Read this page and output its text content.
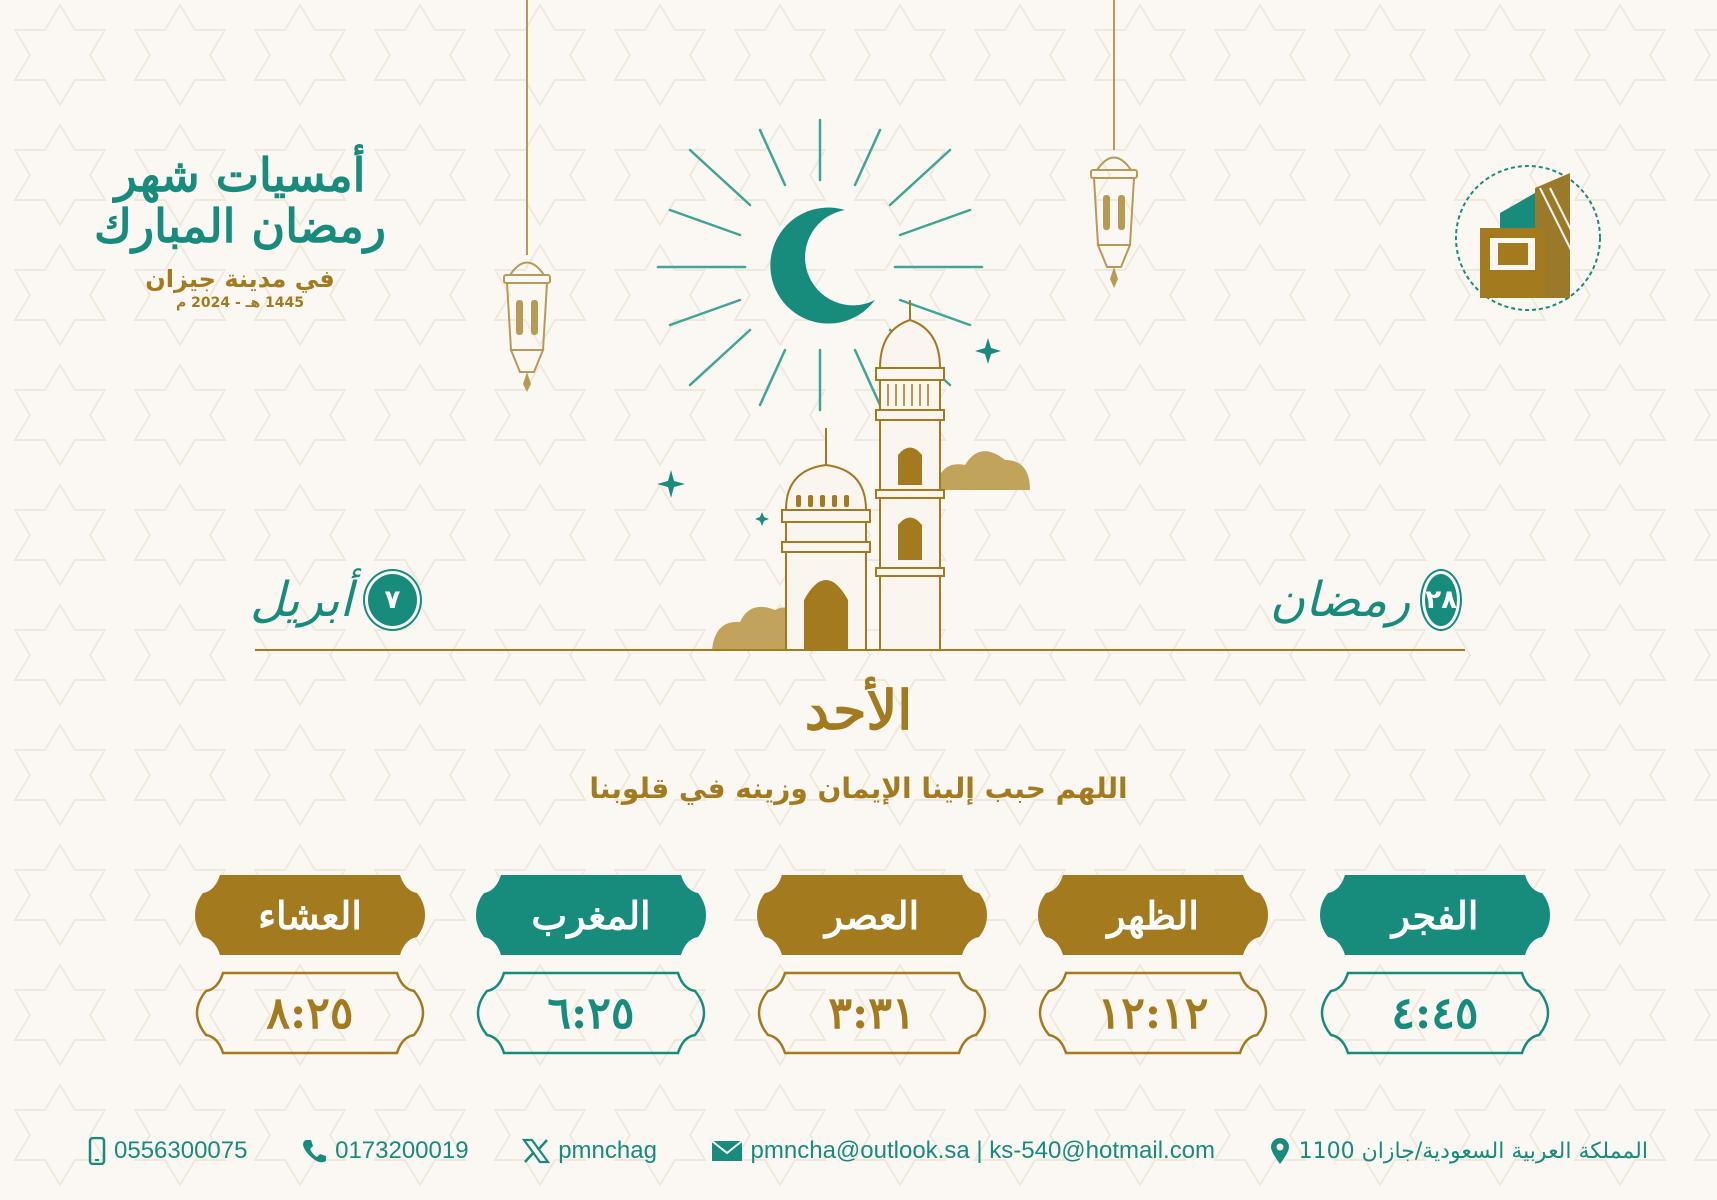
أمسيات شهر رمضان المبارك
في مدينة جيزان
1445 هـ - 2024 م
٢٨
رمضان
٧
أبريل
الأحد
اللهم حبب إلينا الإيمان وزينه في قلوبنا
الفجر
٤:٤٥
الظهر
١٢:١٢
العصر
٣:٣١
المغرب
٦:٢٥
العشاء
٨:٢٥
0556300075	0173200019	pmnchag	pmncha@outlook.sa | ks-540@hotmail.com	المملكة العربية السعودية/جازان 1100
